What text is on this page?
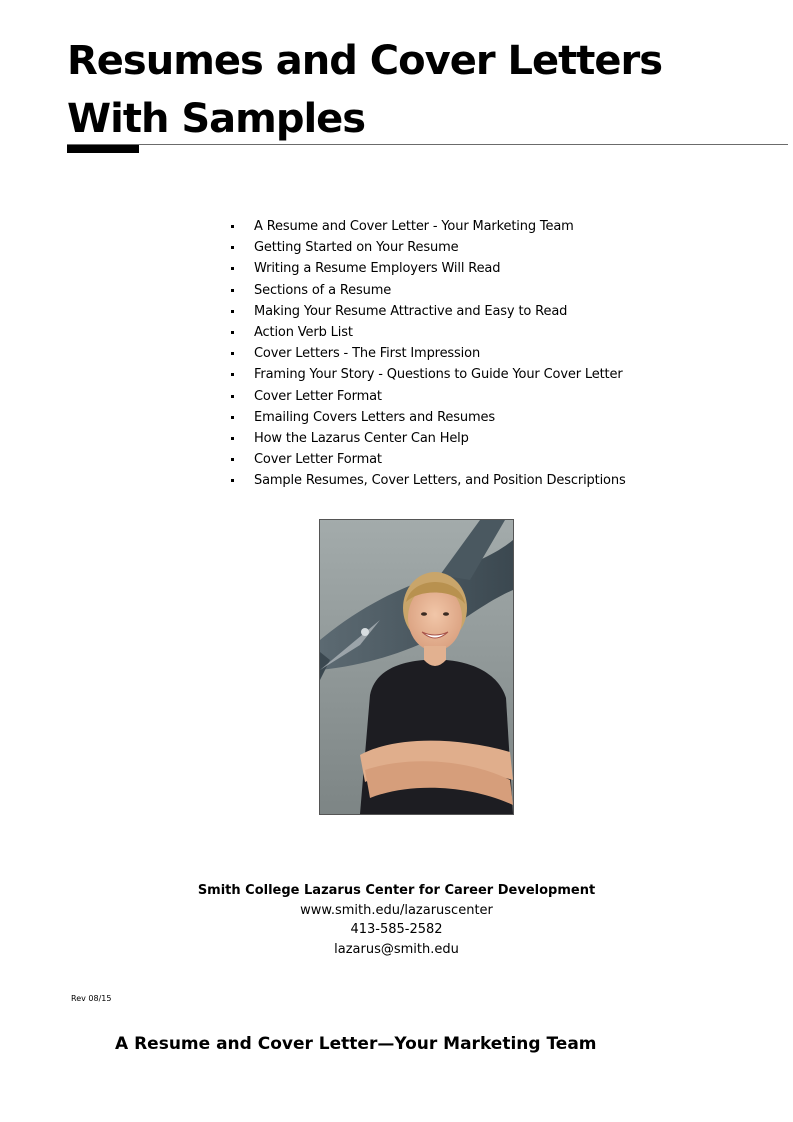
Resumes and Cover Letters
With Samples
A Resume and Cover Letter - Your Marketing Team
Getting Started on Your Resume
Writing a Resume Employers Will Read
Sections of a Resume
Making Your Resume Attractive and Easy to Read
Action Verb List
Cover Letters - The First Impression
Framing Your Story - Questions to Guide Your Cover Letter
Cover Letter Format
Emailing Covers Letters and Resumes
How the Lazarus Center Can Help
Cover Letter Format
Sample Resumes, Cover Letters, and Position Descriptions
Smith College Lazarus Center for Career Development
www.smith.edu/lazaruscenter
413-585-2582
lazarus@smith.edu
Rev 08/15
A Resume and Cover Letter—Your Marketing Team
